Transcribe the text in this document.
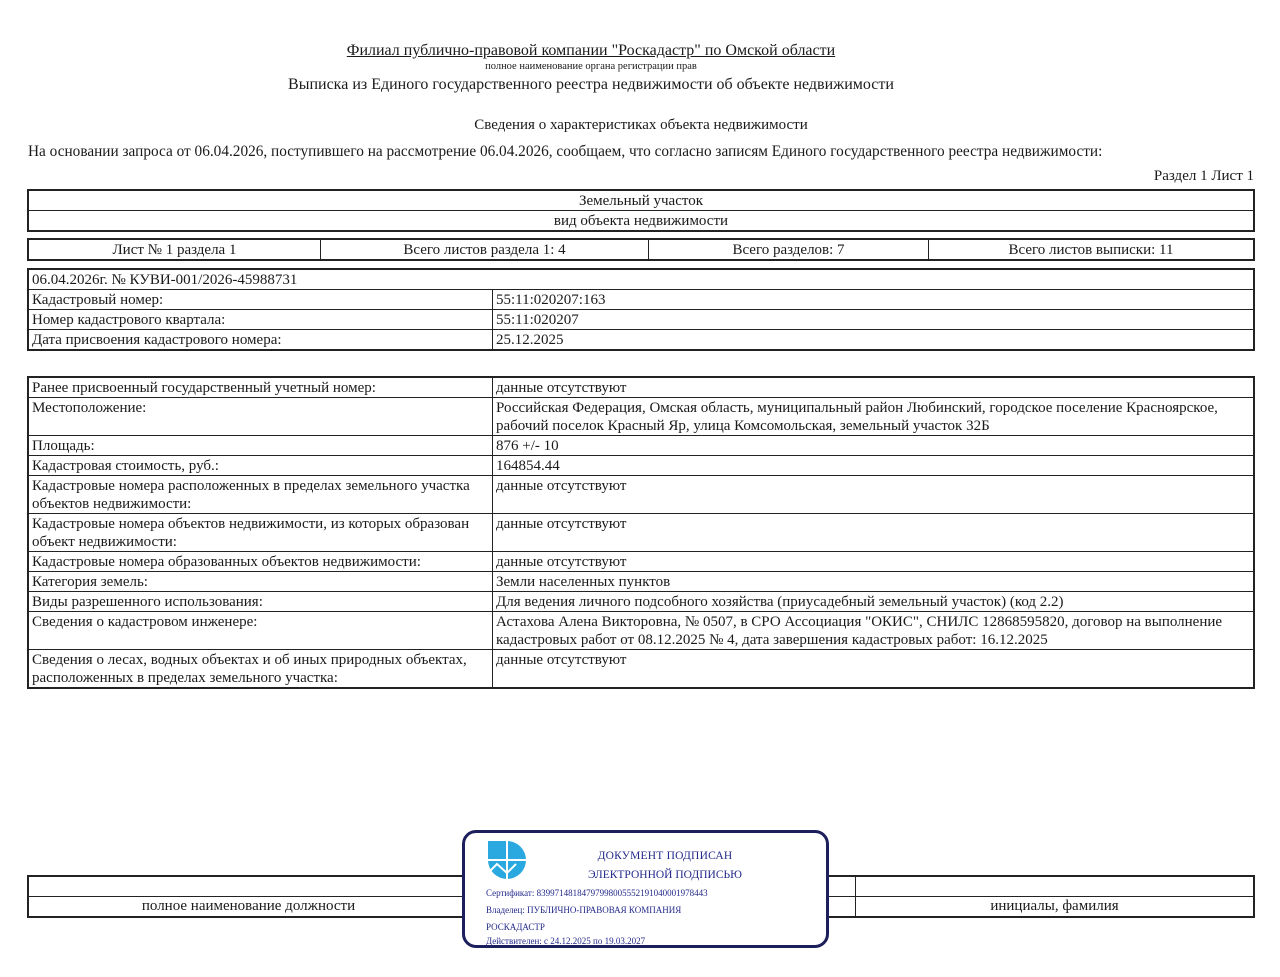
Филиал публично-правовой компании "Роскадастр" по Омской области
полное наименование органа регистрации прав
Выписка из Единого государственного реестра недвижимости об объекте недвижимости
Сведения о характеристиках объекта недвижимости
На основании запроса от 06.04.2026, поступившего на рассмотрение 06.04.2026, сообщаем, что согласно записям Единого государственного реестра недвижимости:
Раздел 1 Лист 1
Земельный участок
вид объекта недвижимости
Лист № 1 раздела 1	Всего листов раздела 1: 4	Всего разделов: 7	Всего листов выписки: 11
06.04.2026г. № КУВИ-001/2026-45988731	
Кадастровый номер:	55:11:020207:163
Номер кадастрового квартала:	55:11:020207
Дата присвоения кадастрового номера:	25.12.2025
Ранее присвоенный государственный учетный номер:	данные отсутствуют
Местоположение:	Российская Федерация, Омская область, муниципальный район Любинский, городское поселение Красноярское, рабочий поселок Красный Яр, улица Комсомольская, земельный участок 32Б
Площадь:	876 +/- 10
Кадастровая стоимость, руб.:	164854.44
Кадастровые номера расположенных в пределах земельного участка объектов недвижимости:	данные отсутствуют
Кадастровые номера объектов недвижимости, из которых образован объект недвижимости:	данные отсутствуют
Кадастровые номера образованных объектов недвижимости:	данные отсутствуют
Категория земель:	Земли населенных пунктов
Виды разрешенного использования:	Для ведения личного подсобного хозяйства (приусадебный земельный участок) (код 2.2)
Сведения о кадастровом инженере:	Астахова Алена Викторовна, № 0507, в СРО Ассоциация "ОКИС", СНИЛС 12868595820, договор на выполнение кадастровых работ от 08.12.2025 № 4, дата завершения кадастровых работ: 16.12.2025
Сведения о лесах, водных объектах и об иных природных объектах, расположенных в пределах земельного участка:	данные отсутствуют

полное наименование должности		инициалы, фамилия
ДОКУМЕНТ ПОДПИСАН
ЭЛЕКТРОННОЙ ПОДПИСЬЮ
Сертификат: 839971481847979980055521910400019784​43
Владелец: ПУБЛИЧНО-ПРАВОВАЯ КОМПАНИЯ
РОСКАДАСТР
Действителен: с 24.12.2025 по 19.03.2027
